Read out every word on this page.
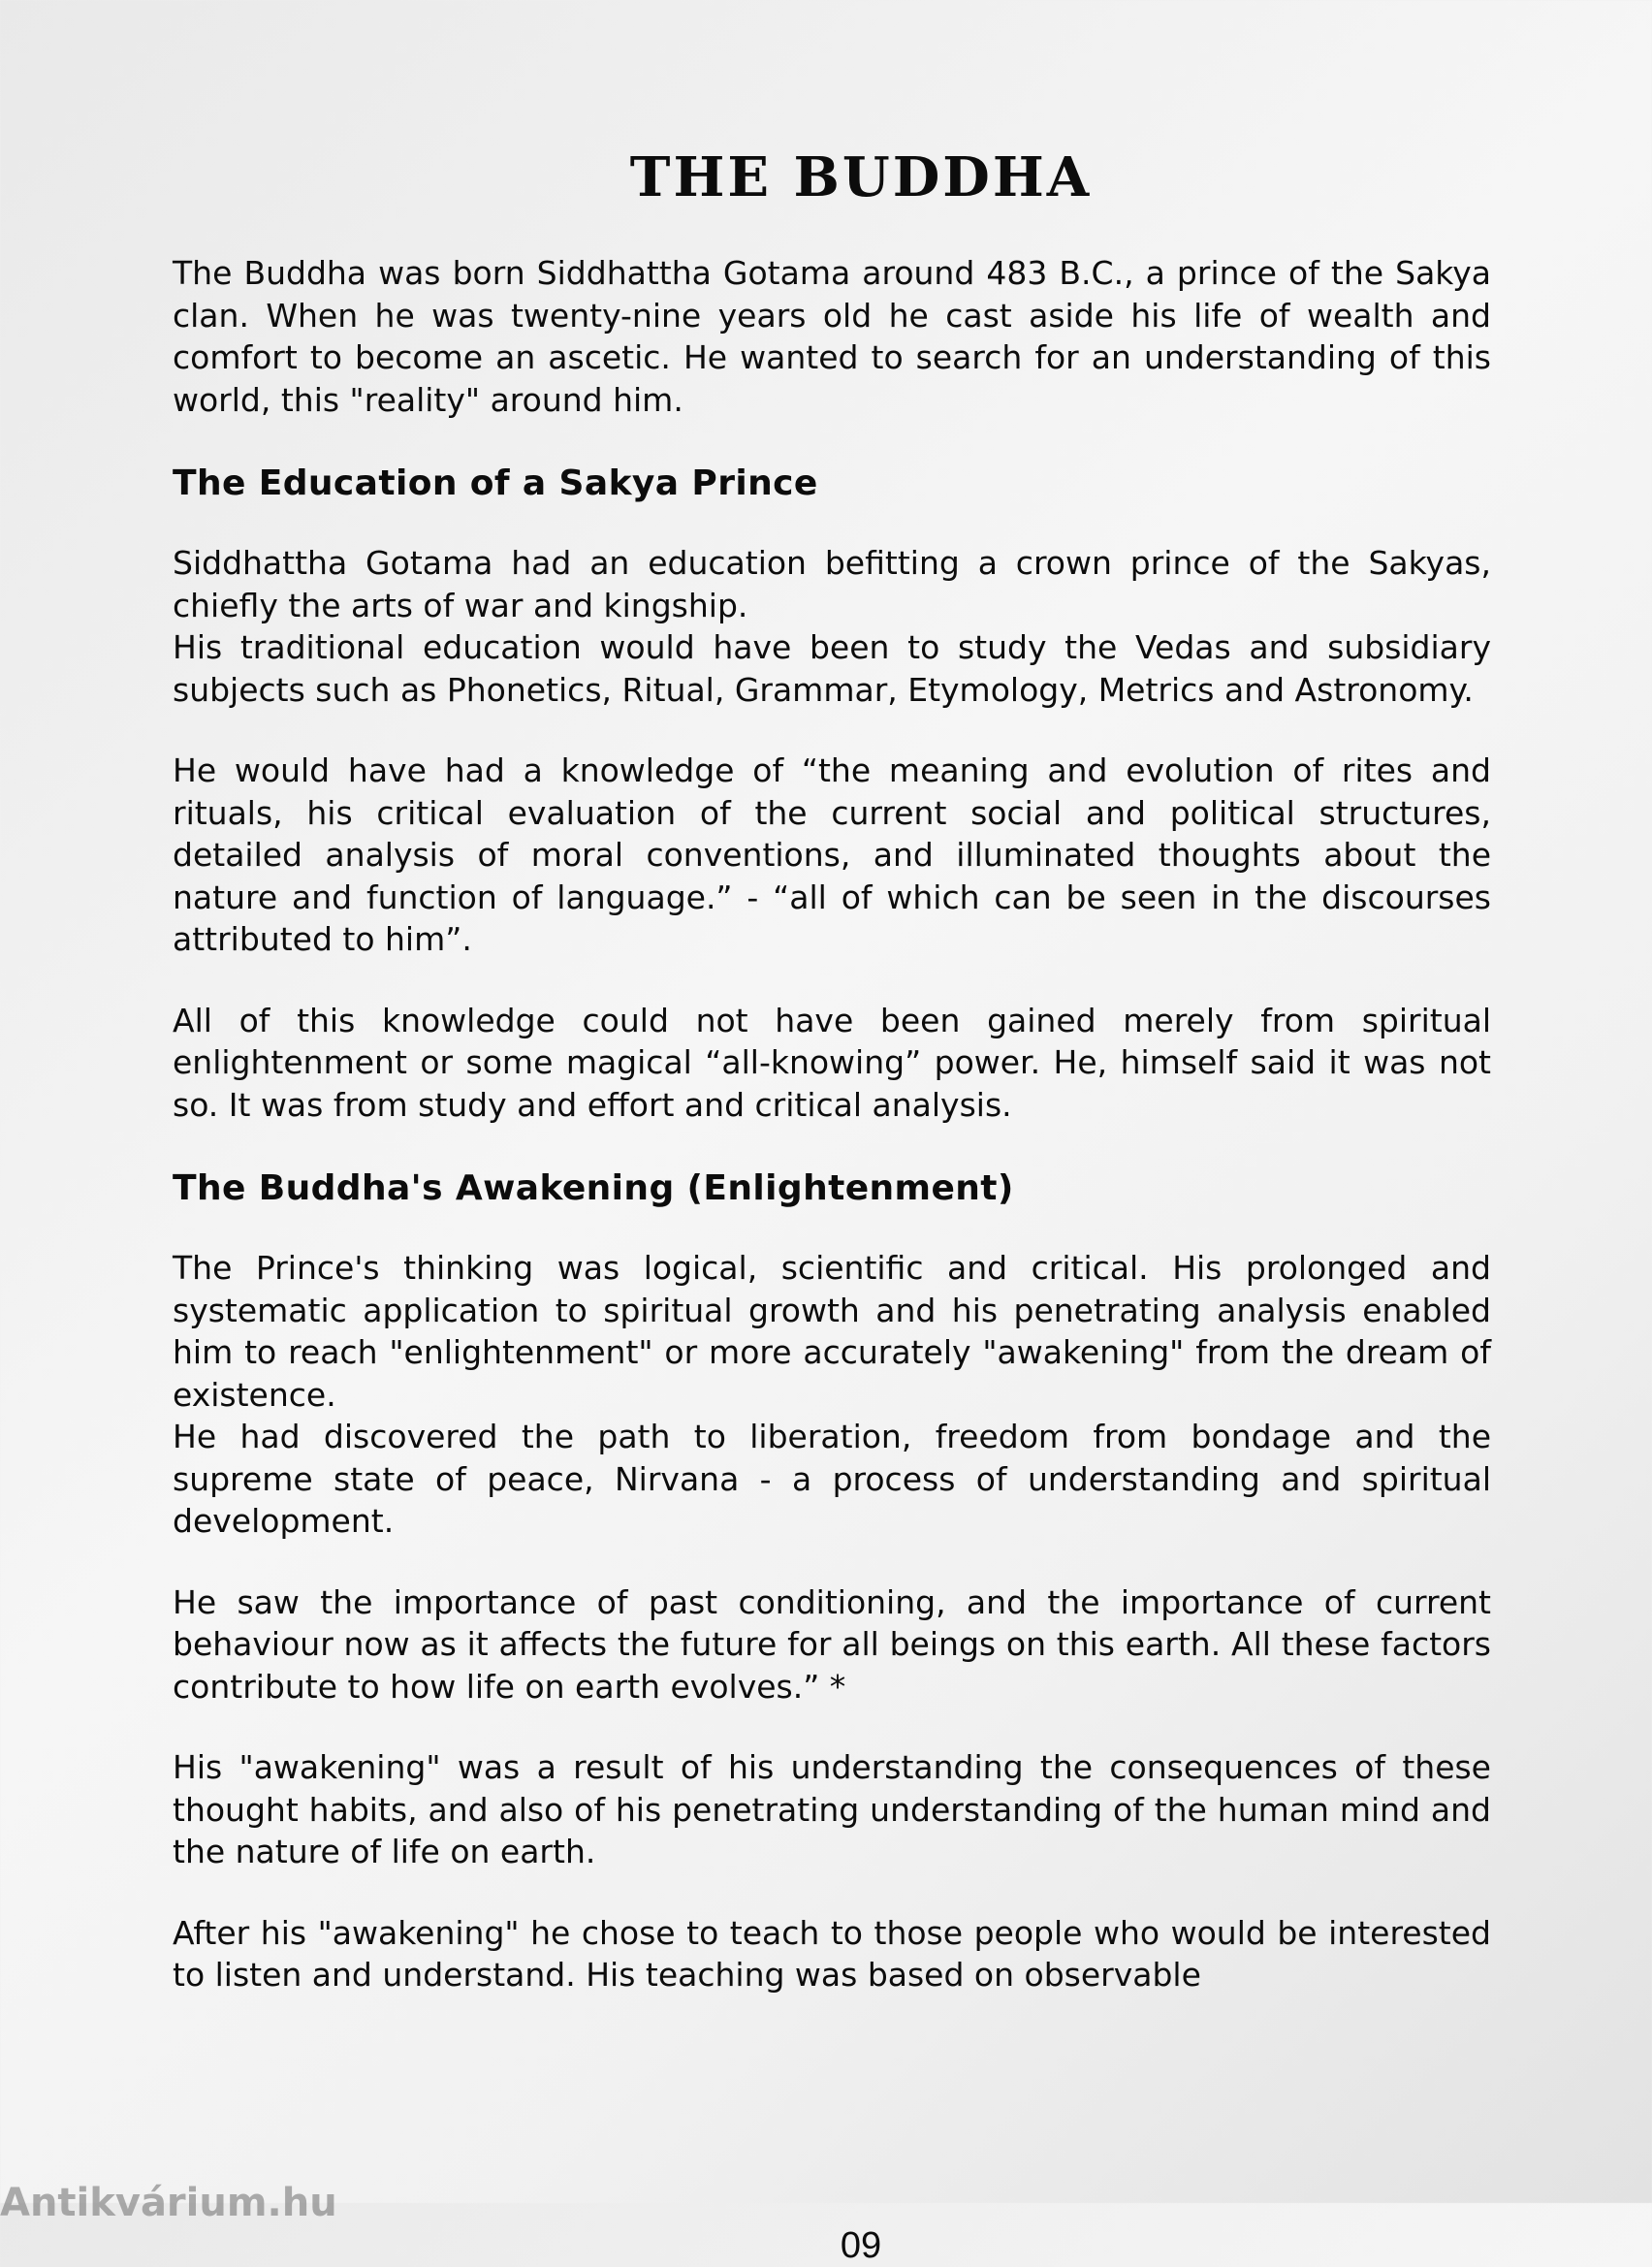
THE BUDDHA

The Buddha was born Siddhattha Gotama around 483 B.C., a prince of the Sakya clan. When he was twenty-nine years old he cast aside his life of wealth and comfort to become an ascetic. He wanted to search for an understanding of this world, this "reality" around him.

The Education of a Sakya Prince

Siddhattha Gotama had an education befitting a crown prince of the Sakyas, chiefly the arts of war and kingship.

His traditional education would have been to study the Vedas and subsidiary subjects such as Phonetics, Ritual, Grammar, Etymology, Metrics and Astronomy.

He would have had a knowledge of “the meaning and evolution of rites and rituals, his critical evaluation of the current social and political structures, detailed analysis of moral conventions, and illuminated thoughts about the nature and function of language.” - “all of which can be seen in the discourses attributed to him”.

All of this knowledge could not have been gained merely from spiritual enlightenment or some magical “all-knowing” power. He, himself said it was not so. It was from study and effort and critical analysis.

The Buddha's Awakening (Enlightenment)

The Prince's thinking was logical, scientific and critical. His prolonged and systematic application to spiritual growth and his penetrating analysis enabled him to reach "enlightenment" or more accurately "awakening" from the dream of existence.

He had discovered the path to liberation, freedom from bondage and the supreme state of peace, Nirvana - a process of understanding and spiritual development.

He saw the importance of past conditioning, and the importance of current behaviour now as it affects the future for all beings on this earth. All these factors contribute to how life on earth evolves.” *

His "awakening" was a result of his understanding the consequences of these thought habits, and also of his penetrating understanding of the human mind and the nature of life on earth.

After his "awakening" he chose to teach to those people who would be interested to listen and understand. His teaching was based on observable

09
Antikvárium.hu
